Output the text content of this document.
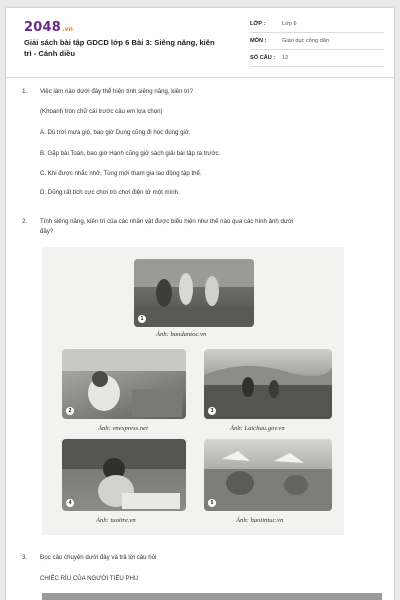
2048.vn
Giải sách bài tập GDCD lớp 6 Bài 3: Siêng năng, kiên trì - Cánh diều
LỚP :	Lớp 6
MÔN :	Giáo dục công dân
SỐ CÂU :	12
1. Việc làm nào dưới đây thể hiện tính siêng năng, kiên trì?
(Khoanh tròn chữ cái trước câu em lựa chọn)
A. Dù trời mưa gió, bao giờ Dung cũng đi học đúng giờ.
B. Gặp bài Toán, bao giờ Hạnh cũng giở sách giải bài tập ra trước.
C. Khi được nhắc nhở, Tùng mới tham gia lao động tập thể.
D. Dũng rất tích cực chơi trò chơi điện tử một mình.
2. Tính siêng năng, kiên trì của các nhân vật được biểu hiện như thế nào qua các hình ảnh dưới
đây?
1
Ảnh: baodantoc.vn
2
Ảnh: vnexpress.net
3
Ảnh: Laichau.gov.vn
4
Ảnh: tuoitre.vn
5
Ảnh: baotintuc.vn
3. Đọc câu chuyện dưới đây và trả lời câu hỏi
CHIẾC RÌU CỦA NGƯỜI TIỀU PHU
